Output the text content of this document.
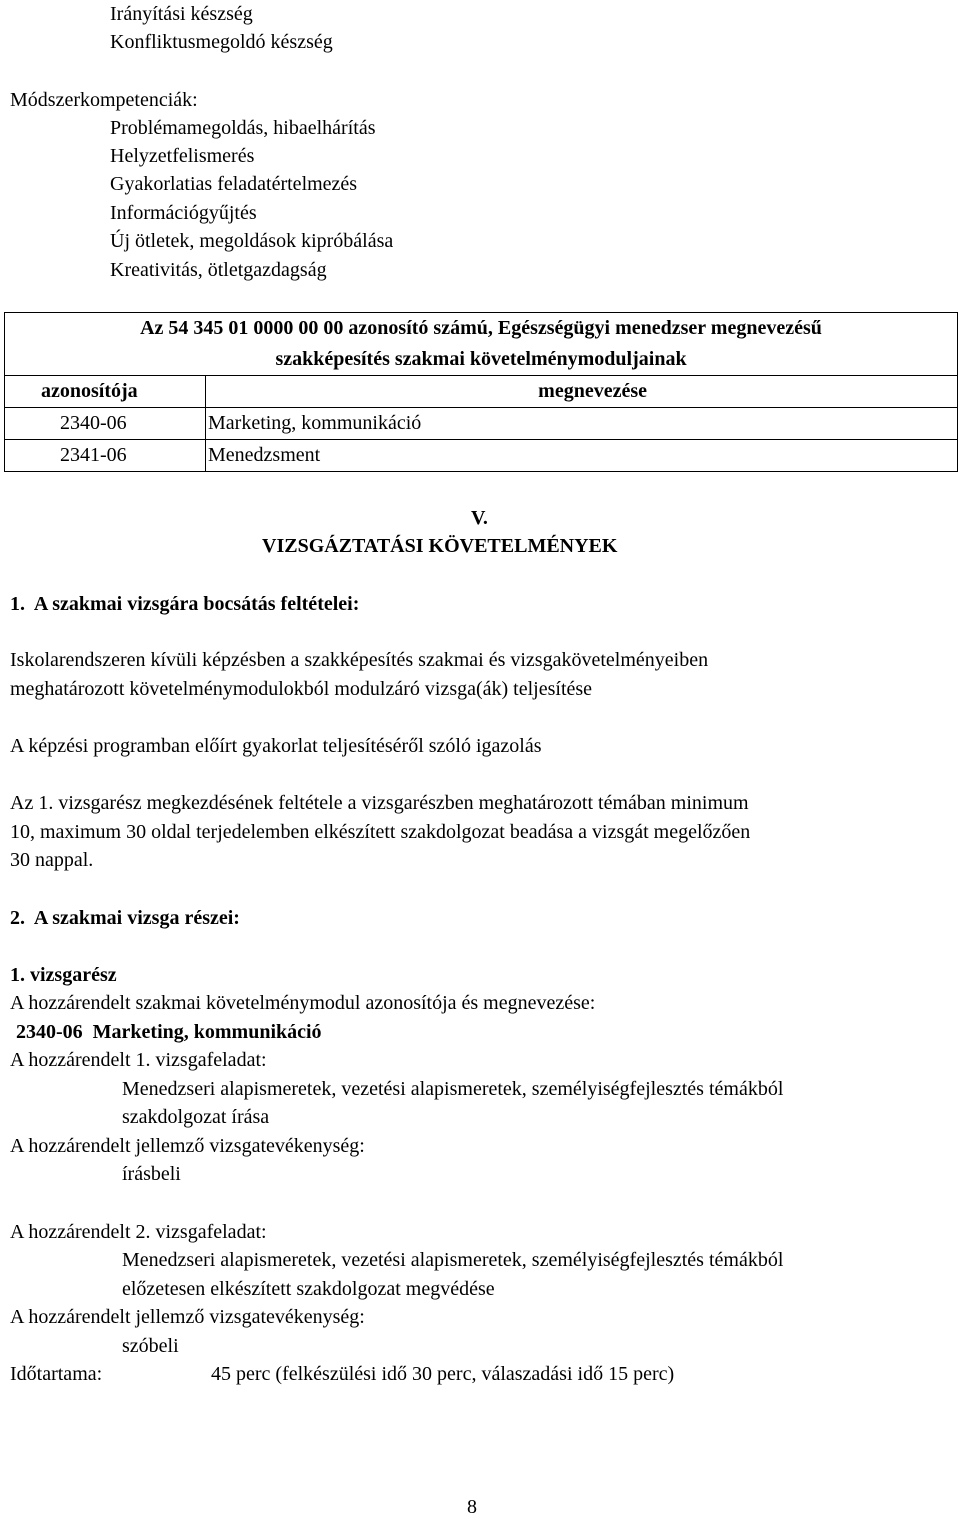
Irányítási készség
Konfliktusmegoldó készség
Módszerkompetenciák:
Problémamegoldás, hibaelhárítás
Helyzetfelismerés
Gyakorlatias feladatértelmezés
Információgyűjtés
Új ötletek, megoldások kipróbálása
Kreativitás, ötletgazdagság
Az 54 345 01 0000 00 00 azonosító számú, Egészségügyi menedzser megnevezésű
szakképesítés szakmai követelménymoduljainak	

azonosítója	megnevezése
2340-06	Marketing, kommunikáció
2341-06	Menedzsment
V.
VIZSGÁZTATÁSI KÖVETELMÉNYEK
1.  A szakmai vizsgára bocsátás feltételei:
Iskolarendszeren kívüli képzésben a szakképesítés szakmai és vizsgakövetelményeiben
meghatározott követelménymodulokból modulzáró vizsga(ák) teljesítése
A képzési programban előírt gyakorlat teljesítéséről szóló igazolás
Az 1. vizsgarész megkezdésének feltétele a vizsgarészben meghatározott témában minimum
10, maximum 30 oldal terjedelemben elkészített szakdolgozat beadása a vizsgát megelőzően
30 nappal.
2.  A szakmai vizsga részei:
1. vizsgarész
A hozzárendelt szakmai követelménymodul azonosítója és megnevezése:
2340-06  Marketing, kommunikáció
A hozzárendelt 1. vizsgafeladat:
Menedzseri alapismeretek, vezetési alapismeretek, személyiségfejlesztés témákból
szakdolgozat írása
A hozzárendelt jellemző vizsgatevékenység:
írásbeli
A hozzárendelt 2. vizsgafeladat:
Menedzseri alapismeretek, vezetési alapismeretek, személyiségfejlesztés témákból
előzetesen elkészített szakdolgozat megvédése
A hozzárendelt jellemző vizsgatevékenység:
szóbeli
Időtartama:	45 perc (felkészülési idő 30 perc, válaszadási idő 15 perc)
8
